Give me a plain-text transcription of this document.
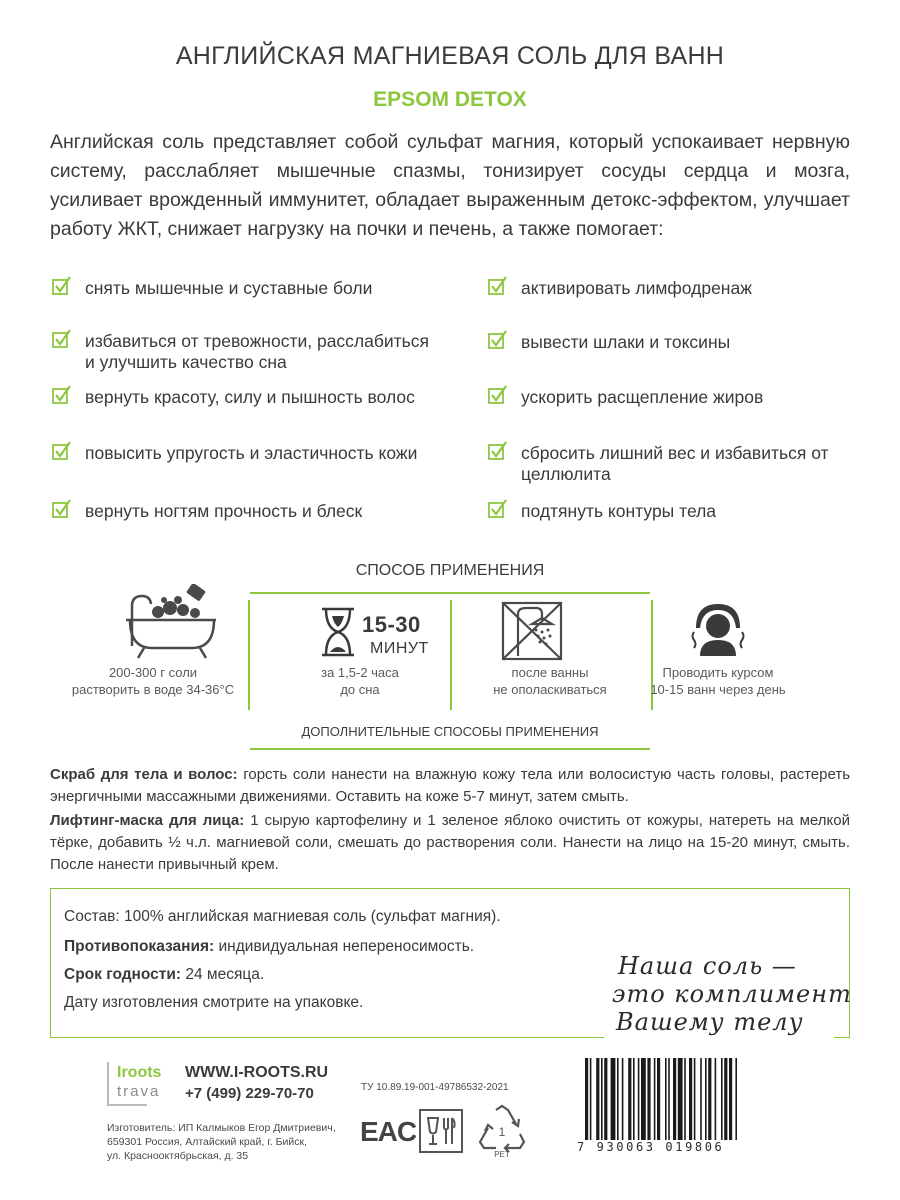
АНГЛИЙСКАЯ МАГНИЕВАЯ СОЛЬ ДЛЯ ВАНН
EPSOM DETOX
Английская соль представляет собой сульфат магния, который успокаивает нервную систему, расслабляет мышечные спазмы, тонизирует сосуды сердца и мозга, усиливает врожденный иммунитет, обладает выраженным детокс-эффектом, улучшает работу ЖКТ, снижает нагрузку на почки и печень, а также помогает:
снять мышечные и суставные боли
избавиться от тревожности, расслабиться и улучшить качество сна
вернуть красоту, силу и пышность волос
повысить упругость и эластичность кожи
вернуть ногтям прочность и блеск
активировать лимфодренаж
вывести шлаки и токсины
ускорить расщепление жиров
сбросить лишний вес и избавиться от целлюлита
подтянуть контуры тела
СПОСОБ ПРИМЕНЕНИЯ
200-300 г соли
растворить в воде 34-36°С
15-30
МИНУТ
за 1,5-2 часа
до сна
после ванны
не ополаскиваться
Проводить курсом
10-15 ванн через день
ДОПОЛНИТЕЛЬНЫЕ СПОСОБЫ ПРИМЕНЕНИЯ
Скраб для тела и волос: горсть соли нанести на влажную кожу тела или волосистую часть головы, растереть энергичными массажными движениями. Оставить на коже 5-7 минут, затем смыть.
Лифтинг-маска для лица: 1 сырую картофелину и 1 зеленое яблоко очистить от кожуры, натереть на мелкой тёрке, добавить ½ ч.л. магниевой соли, смешать до растворения соли. Нанести на лицо на 15-20 минут, смыть. После нанести привычный крем.
Состав: 100% английская магниевая соль (сульфат магния).
Противопоказания: индивидуальная непереносимость.
Срок годности: 24 месяца.
Дату изготовления смотрите на упаковке.
Наша соль —
это комплимент
Вашему телу
Iroots
trava
WWW.I-ROOTS.RU
+7 (499) 229-70-70	ТУ 10.89.19-001-49786532-2021
Изготовитель: ИП Калмыков Егор Дмитриевич,
659301 Россия, Алтайский край, г. Бийск,
ул. Краснооктябрьская, д. 35
EAC	1
PET
7 930063 019806
